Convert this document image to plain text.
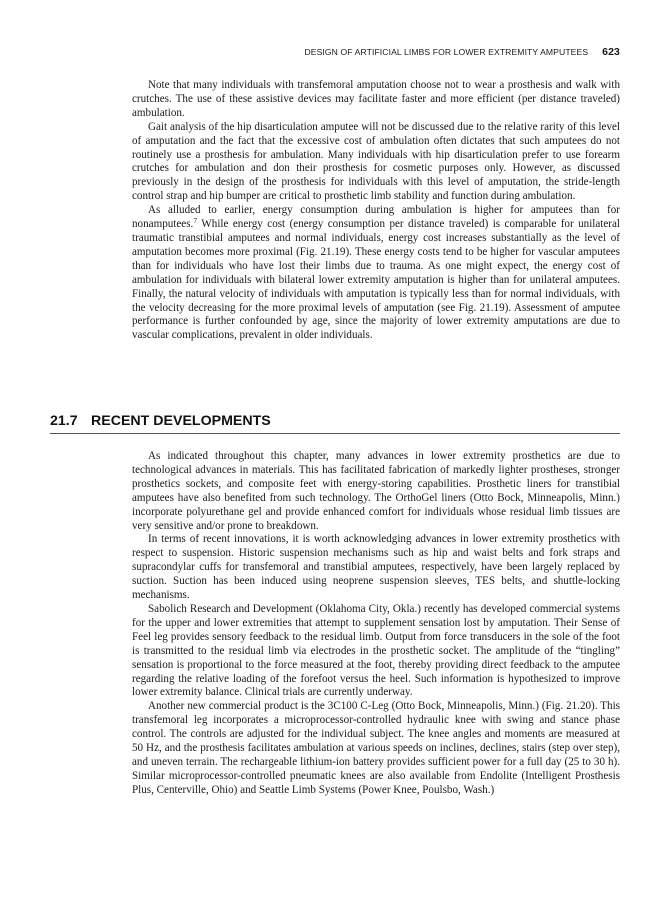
DESIGN OF ARTIFICIAL LIMBS FOR LOWER EXTREMITY AMPUTEES 623

Note that many individuals with transfemoral amputation choose not to wear a prosthesis and walk with crutches. The use of these assistive devices may facilitate faster and more efficient (per distance traveled) ambulation.

Gait analysis of the hip disarticulation amputee will not be discussed due to the relative rarity of this level of amputation and the fact that the excessive cost of ambulation often dictates that such amputees do not routinely use a prosthesis for ambulation. Many individuals with hip disarticulation prefer to use forearm crutches for ambulation and don their prosthesis for cosmetic purposes only. However, as discussed previously in the design of the prosthesis for individuals with this level of amputation, the stride-length control strap and hip bumper are critical to prosthetic limb stability and function during ambulation.

As alluded to earlier, energy consumption during ambulation is higher for amputees than for nonamputees.$^7$ While energy cost (energy consumption per distance traveled) is comparable for unilateral traumatic transtibial amputees and normal individuals, energy cost increases substantially as the level of amputation becomes more proximal (Fig. 21.19). These energy costs tend to be higher for vascular amputees than for individuals who have lost their limbs due to trauma. As one might expect, the energy cost of ambulation for individuals with bilateral lower extremity amputation is higher than for unilateral amputees. Finally, the natural velocity of individuals with amputation is typically less than for normal individuals, with the velocity decreasing for the more proximal levels of amputation (see Fig. 21.19). Assessment of amputee performance is further confounded by age, since the majority of lower extremity amputations are due to vascular complications, prevalent in older individuals.

21.7 RECENT DEVELOPMENTS

As indicated throughout this chapter, many advances in lower extremity prosthetics are due to technological advances in materials. This has facilitated fabrication of markedly lighter prostheses, stronger prosthetics sockets, and composite feet with energy-storing capabilities. Prosthetic liners for transtibial amputees have also benefited from such technology. The OrthoGel liners (Otto Bock, Minneapolis, Minn.) incorporate polyurethane gel and provide enhanced comfort for individuals whose residual limb tissues are very sensitive and/or prone to breakdown.

In terms of recent innovations, it is worth acknowledging advances in lower extremity prosthetics with respect to suspension. Historic suspension mechanisms such as hip and waist belts and fork straps and supracondylar cuffs for transfemoral and transtibial amputees, respectively, have been largely replaced by suction. Suction has been induced using neoprene suspension sleeves, TES belts, and shuttle-locking mechanisms.

Sabolich Research and Development (Oklahoma City, Okla.) recently has developed commercial systems for the upper and lower extremities that attempt to supplement sensation lost by amputation. Their Sense of Feel leg provides sensory feedback to the residual limb. Output from force transducers in the sole of the foot is transmitted to the residual limb via electrodes in the prosthetic socket. The amplitude of the “tingling” sensation is proportional to the force measured at the foot, thereby providing direct feedback to the amputee regarding the relative loading of the forefoot versus the heel. Such information is hypothesized to improve lower extremity balance. Clinical trials are currently underway.

Another new commercial product is the 3C100 C-Leg (Otto Bock, Minneapolis, Minn.) (Fig. 21.20). This transfemoral leg incorporates a microprocessor-controlled hydraulic knee with swing and stance phase control. The controls are adjusted for the individual subject. The knee angles and moments are measured at 50 Hz, and the prosthesis facilitates ambulation at various speeds on inclines, declines, stairs (step over step), and uneven terrain. The rechargeable lithium-ion battery provides sufficient power for a full day (25 to 30 h). Similar microprocessor-controlled pneumatic knees are also available from Endolite (Intelligent Prosthesis Plus, Centerville, Ohio) and Seattle Limb Systems (Power Knee, Poulsbo, Wash.)
